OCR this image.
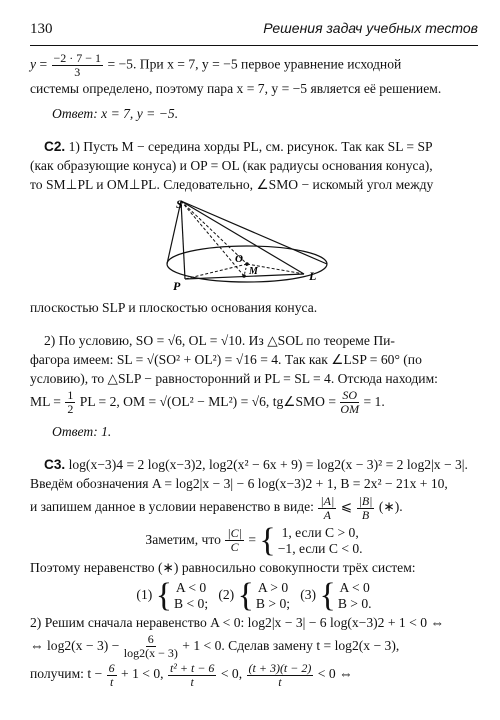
130	Решения задач учебных тестов
$y = \frac{-2 \cdot 7 - 1}{3} = -5$. При x = 7, y = −5 первое уравнение исходной
системы определено, поэтому пара x = 7, y = −5 является её решением.
Ответ: x = 7, y = −5.
С2. 1) Пусть M − середина хорды PL, см. рисунок. Так как SL = SP
(как образующие конуса) и OP = OL (как радиусы основания конуса),
то SM⊥PL и OM⊥PL. Следовательно, ∠SMO − искомый угол между
S
O
M	L
P
плоскостью SLP и плоскостью основания конуса.
2) По условию, SO = √6, OL = √10. Из △SOL по теореме Пи-
фагора имеем: SL = √(SO² + OL²) = √16 = 4. Так как ∠LSP = 60° (по
условию), то △SLP − равносторонний и PL = SL = 4. Отсюда находим:
ML = $\frac{1}{2}$ PL = 2, OM = √(OL² − ML²) = √6, tg∠SMO = $\frac{SO}{OM} = 1$.
Ответ: 1.
С3. log(x−3)4 = 2 log(x−3)2, log2(x² − 6x + 9) = log2(x − 3)² = 2 log2|x − 3|.
Введём обозначения A = log2|x − 3| − 6 log(x−3)2 + 1, B = 2x² − 21x + 10,
и запишем данное в условии неравенство в виде: $\frac{|A|}{A}$ ⩽ $\frac{|B|}{B}$ (∗).
Заметим, что $\frac{|C|}{C}$ = { 1, если C > 0,
−1, если C < 0.
Поэтому неравенство (∗) равносильно совокупности трёх систем:
(1) { A < 0
B < 0;
(2) { A > 0
B > 0;
(3) { A < 0
B > 0.
2) Решим сначала неравенство A < 0: log2|x − 3| − 6 log(x−3)2 + 1 < 0 ⇔
⇔ $\log 2(x - 3) - \frac{6}{\log 2(x - 3)} + 1 < 0$. Сделав замену t = log2(x − 3),
получим: $t - \frac{6}{t} + 1 < 0$, $\frac{\text{t² + t − 6}}{t} < 0$, $\frac{(t + 3)(t - 2)}{t} < 0$ ⇔
